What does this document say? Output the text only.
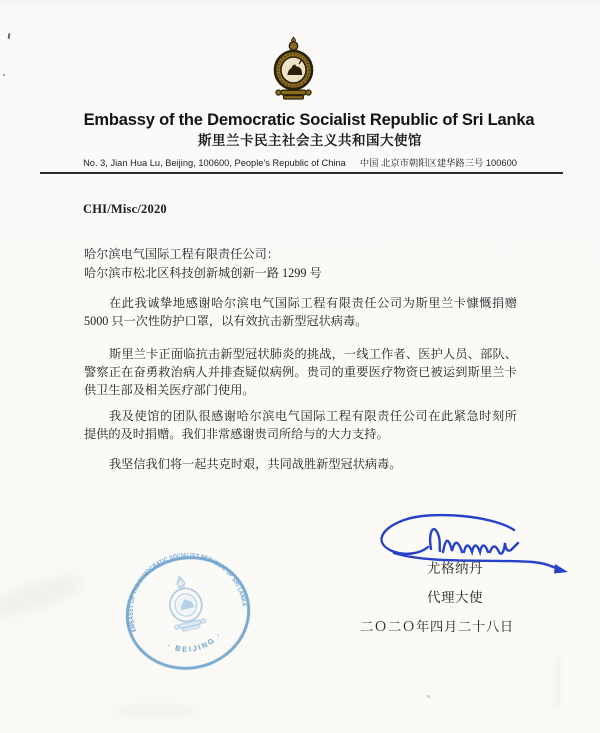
Embassy of the Democratic Socialist Republic of Sri Lanka
斯里兰卡民主社会主义共和国大使馆
No. 3, Jian Hua Lu, Beijing, 100600, People's Republic of China 中国 北京市朝阳区建华路三号 100600
CHI/Misc/2020
哈尔滨电气国际工程有限责任公司：
哈尔滨市松北区科技创新城创新一路 1299 号
在此我诚挚地感谢哈尔滨电气国际工程有限责任公司为斯里兰卡慷慨捐赠
5000 只一次性防护口罩，以有效抗击新型冠状病毒。
斯里兰卡正面临抗击新型冠状肺炎的挑战，一线工作者、医护人员、部队、
警察正在奋勇救治病人并排查疑似病例。贵司的重要医疗物资已被运到斯里兰卡
供卫生部及相关医疗部门使用。
我及使馆的团队很感谢哈尔滨电气国际工程有限责任公司在此紧急时刻所
提供的及时捐赠。我们非常感谢贵司所给与的大力支持。
我坚信我们将一起共克时艰，共同战胜新型冠状病毒。
尤格纳丹
代理大使
二Ｏ二Ｏ年四月二十八日
EMBASSY OF THE DEMOCRATIC SOCIALIST REPUBLIC OF SRI LANKA
· BEIJING ·
